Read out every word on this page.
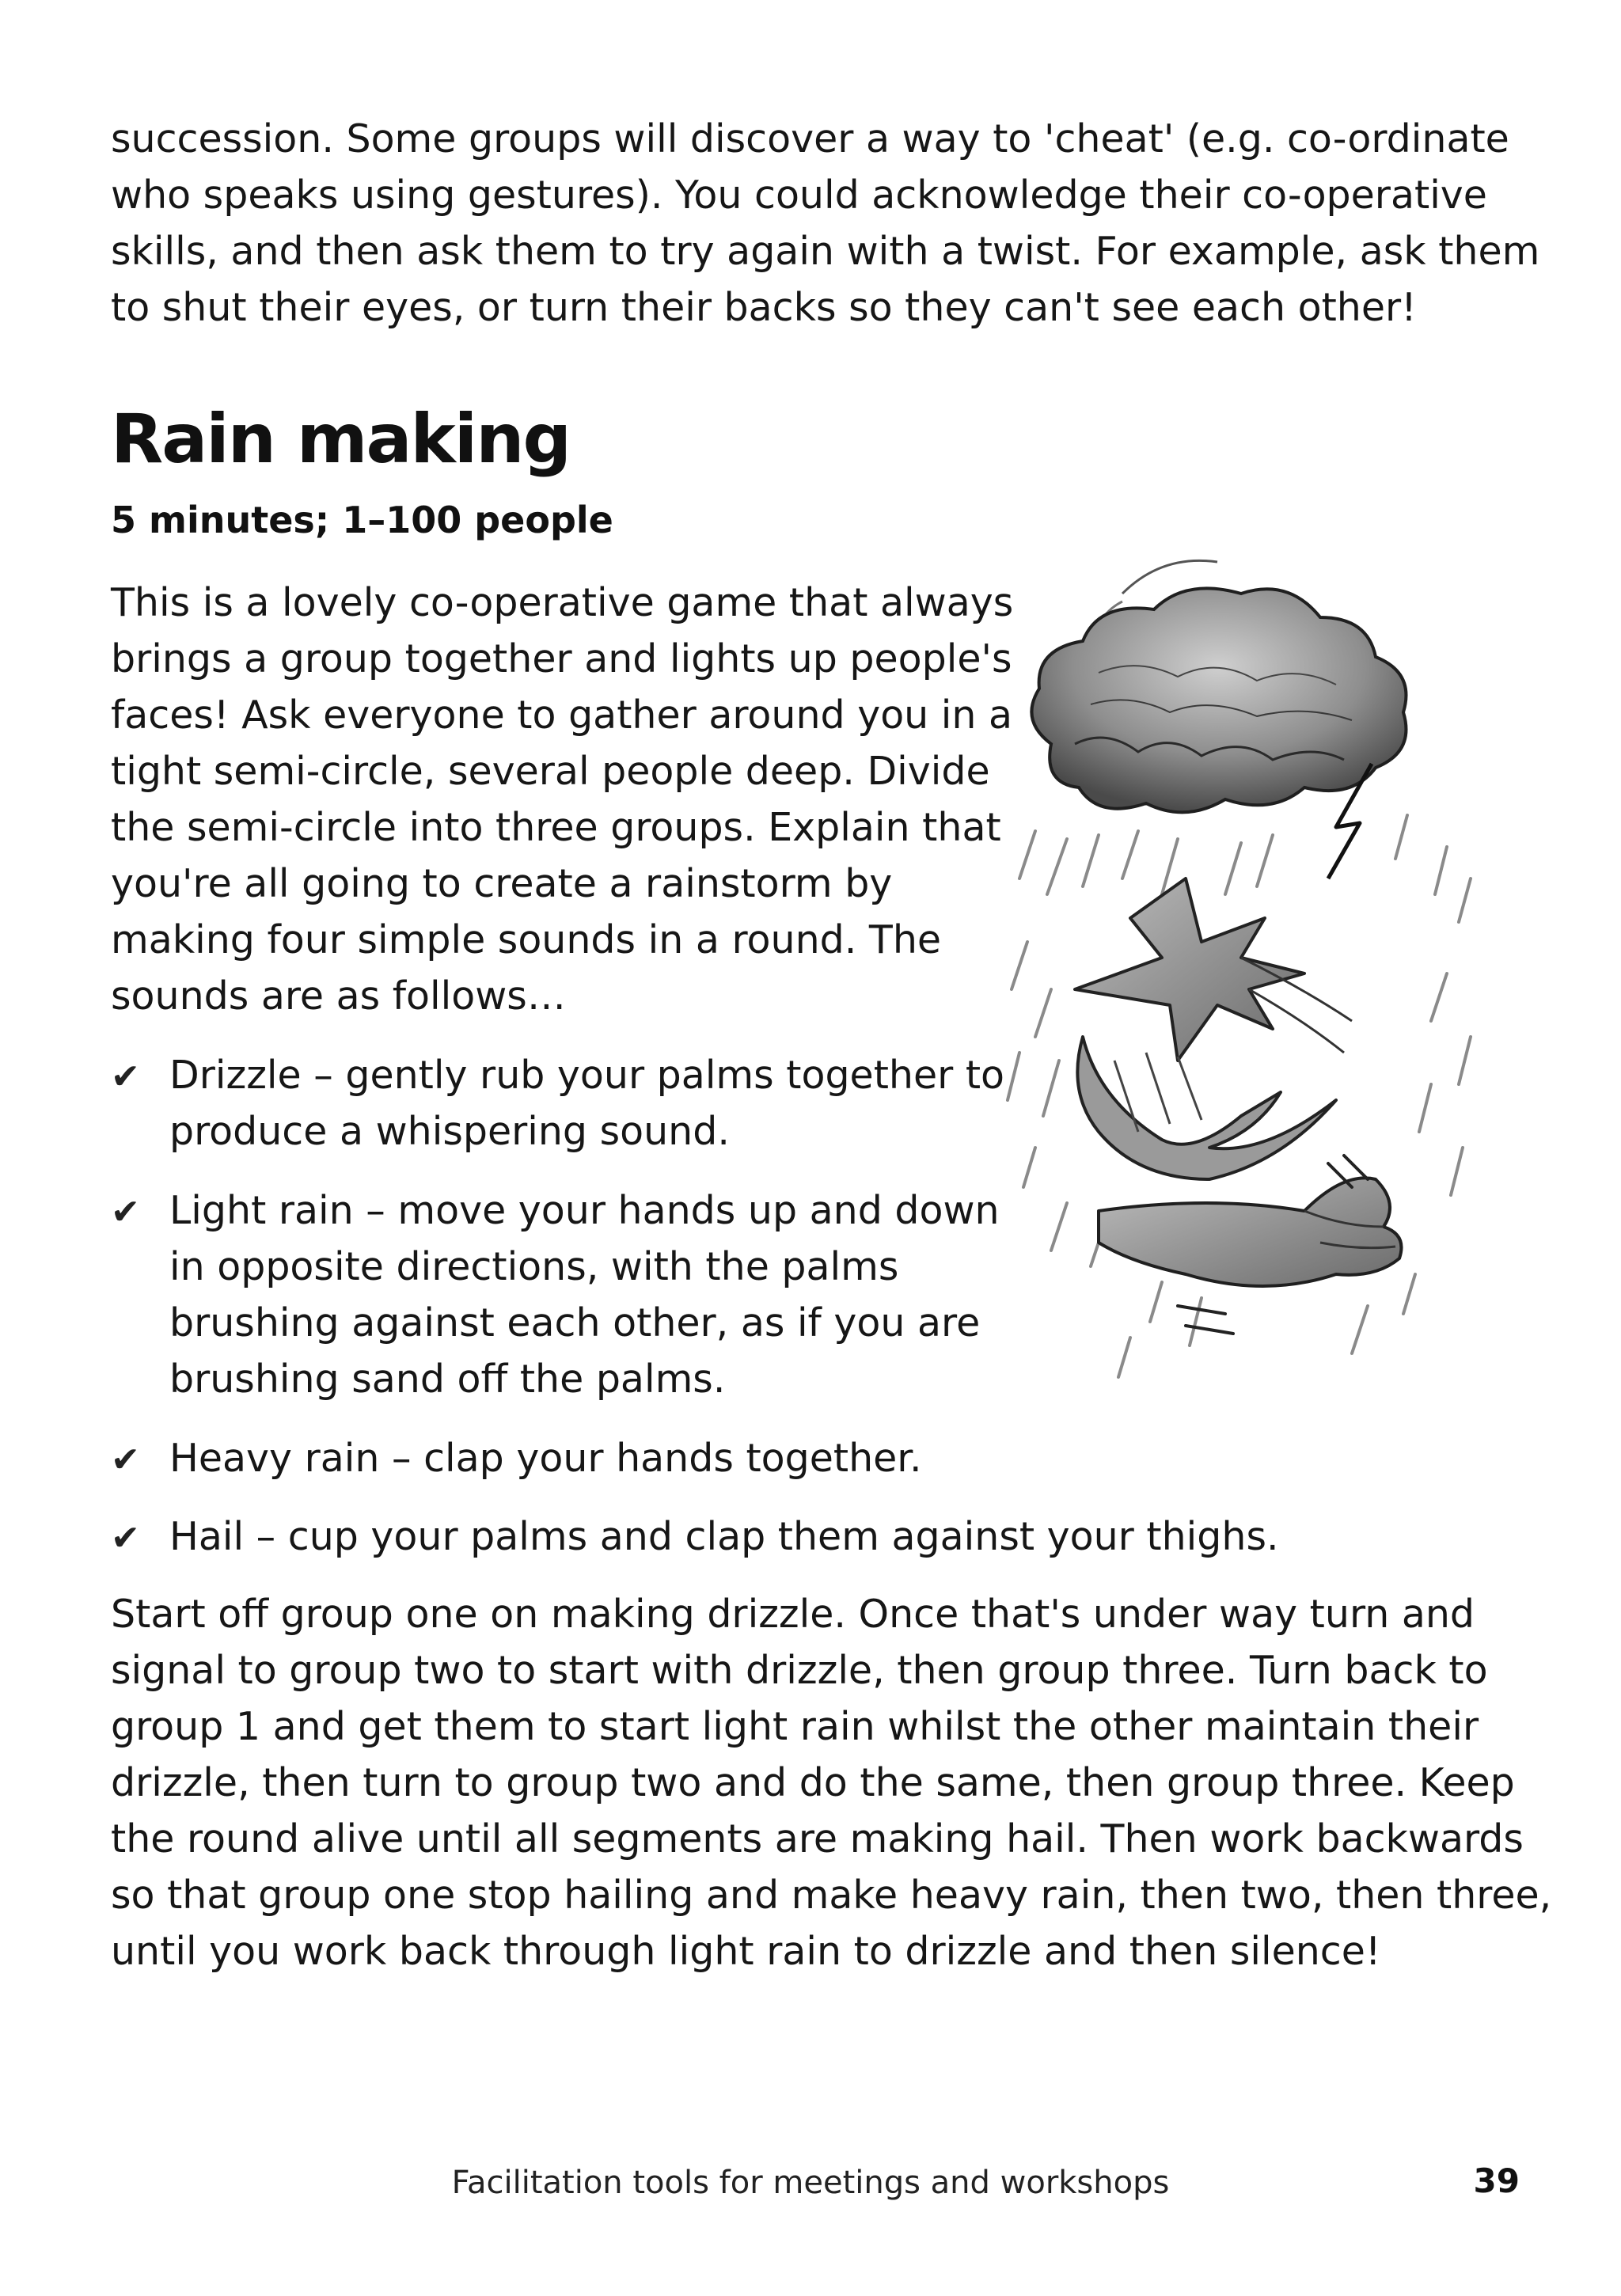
succession. Some groups will discover a way to 'cheat' (e.g. co-ordinate

who speaks using gestures). You could acknowledge their co-operative

skills, and then ask them to try again with a twist. For example, ask them

to shut their eyes, or turn their backs so they can't see each other!

Rain making

5 minutes; 1–100 people

This is a lovely co-operative game that always

brings a group together and lights up people's

faces! Ask everyone to gather around you in a

tight semi-circle, several people deep. Divide

the semi-circle into three groups. Explain that

you're all going to create a rainstorm by

making four simple sounds in a round. The

sounds are as follows…

✔ Drizzle – gently rub your palms together to
produce a whispering sound.
✔ Light rain – move your hands up and down
in opposite directions, with the palms
brushing against each other, as if you are
brushing sand off the palms.
✔ Heavy rain – clap your hands together.
✔ Hail – cup your palms and clap them against your thighs.

Start off group one on making drizzle. Once that's under way turn and

signal to group two to start with drizzle, then group three. Turn back to

group 1 and get them to start light rain whilst the other maintain their

drizzle, then turn to group two and do the same, then group three. Keep

the round alive until all segments are making hail. Then work backwards

so that group one stop hailing and make heavy rain, then two, then three,

until you work back through light rain to drizzle and then silence!

Facilitation tools for meetings and workshops	39
